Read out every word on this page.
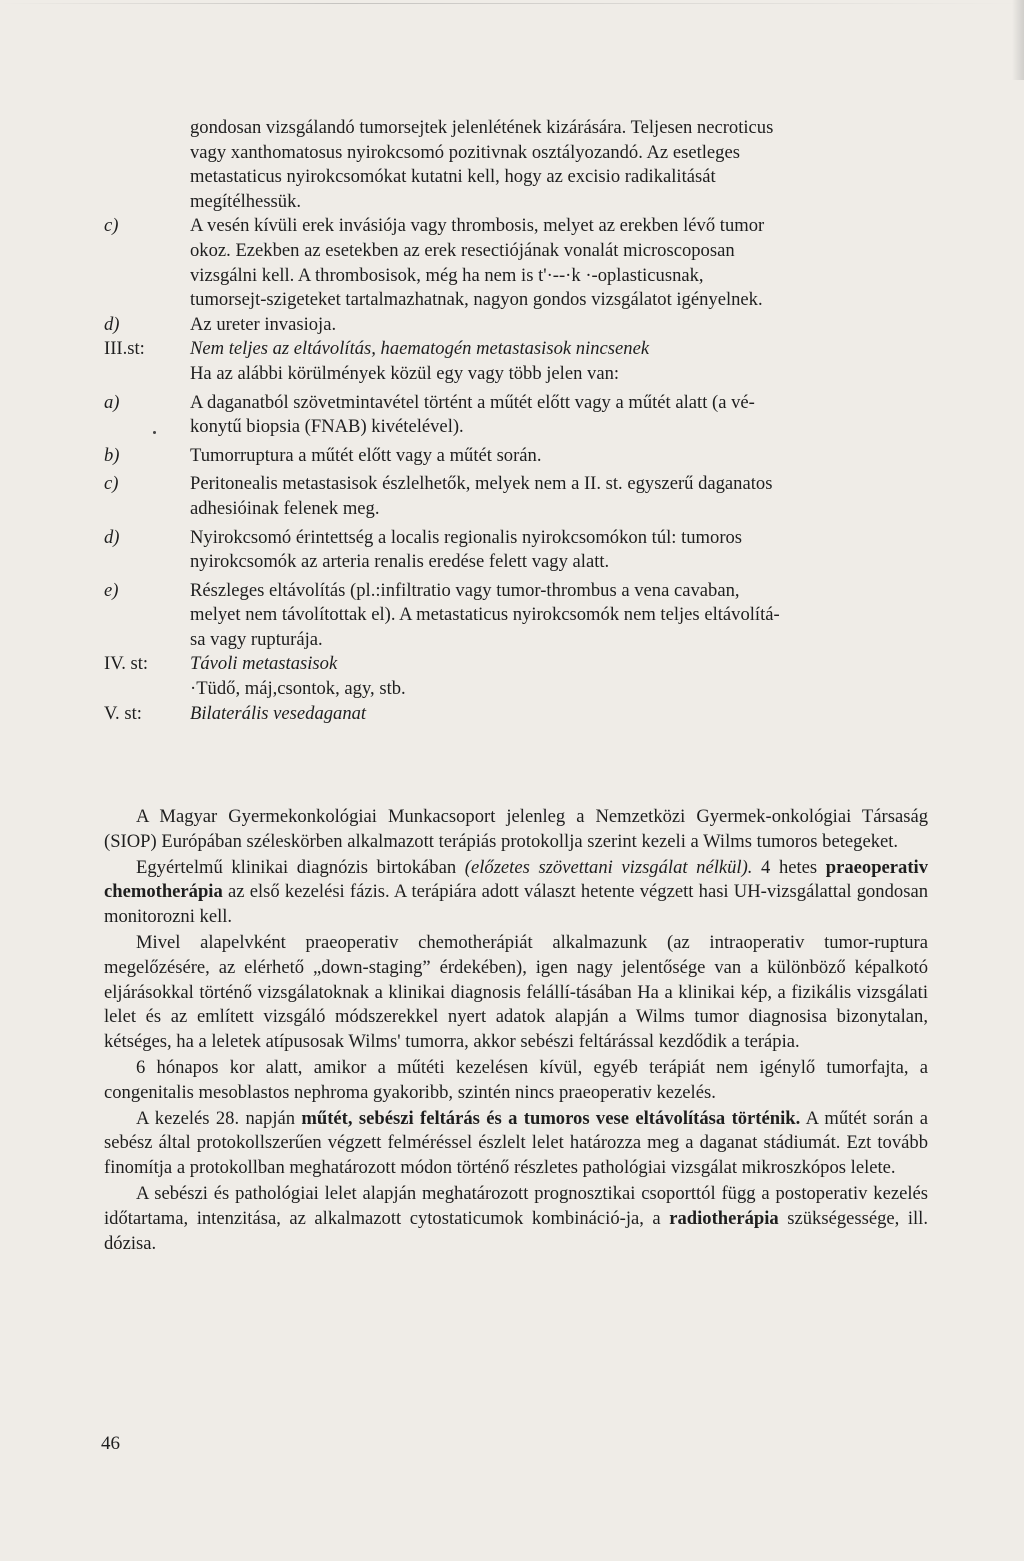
gondosan vizsgálandó tumorsejtek jelenlétének kizárására. Teljesen necroticus
vagy xanthomatosus nyirokcsomó pozitivnak osztályozandó. Az esetleges
metastaticus nyirokcsomókat kutatni kell, hogy az excisio radikalitását
megítélhessük.
c)	A vesén kívüli erek invásiója vagy thrombosis, melyet az erekben lévő tumor
okoz. Ezekben az esetekben az erek resectiójának vonalát microscoposan
vizsgálni kell. A thrombosisok, még ha nem is t'·--·k ·-oplasticusnak,
tumorsejt-szigeteket tartalmazhatnak, nagyon gondos vizsgálatot igényelnek.
d)	Az ureter invasioja.
III.st:	Nem teljes az eltávolítás, haematogén metastasisok nincsenek
Ha az alábbi körülmények közül egy vagy több jelen van:
a)	A daganatból szövetmintavétel történt a műtét előtt vagy a műtét alatt (a vé-
konytű biopsia (FNAB) kivételével).
b)	Tumorruptura a műtét előtt vagy a műtét során.
c)	Peritonealis metastasisok észlelhetők, melyek nem a II. st. egyszerű daganatos
adhesióinak felenek meg.
d)	Nyirokcsomó érintettség a localis regionalis nyirokcsomókon túl: tumoros
nyirokcsomók az arteria renalis eredése felett vagy alatt.
e)	Részleges eltávolítás (pl.:infiltratio vagy tumor-thrombus a vena cavaban,
melyet nem távolítottak el). A metastaticus nyirokcsomók nem teljes eltávolítá-
sa vagy rupturája.
IV. st:	Távoli metastasisok
·Tüdő, máj,csontok, agy, stb.
V. st:	Bilaterális vesedaganat

A Magyar Gyermekonkológiai Munkacsoport jelenleg a Nemzetközi Gyermek-onkológiai Társaság (SIOP) Európában széleskörben alkalmazott terápiás protokollja szerint kezeli a Wilms tumoros betegeket.

Egyértelmű klinikai diagnózis birtokában (előzetes szövettani vizsgálat nélkül). 4 hetes praeoperativ chemotherápia az első kezelési fázis. A terápiára adott választ hetente végzett hasi UH-vizsgálattal gondosan monitorozni kell.

Mivel alapelvként praeoperativ chemotherápiát alkalmazunk (az intraoperativ tumor-ruptura megelőzésére, az elérhető „down-staging” érdekében), igen nagy jelentősége van a különböző képalkotó eljárásokkal történő vizsgálatoknak a klinikai diagnosis felállí-tásában Ha a klinikai kép, a fizikális vizsgálati lelet és az említett vizsgáló módszerekkel nyert adatok alapján a Wilms tumor diagnosisa bizonytalan, kétséges, ha a leletek atípusosak Wilms' tumorra, akkor sebészi feltárással kezdődik a terápia.

6 hónapos kor alatt, amikor a műtéti kezelésen kívül, egyéb terápiát nem igénylő tumorfajta, a congenitalis mesoblastos nephroma gyakoribb, szintén nincs praeoperativ kezelés.

A kezelés 28. napján műtét, sebészi feltárás és a tumoros vese eltávolítása történik. A műtét során a sebész által protokollszerűen végzett felméréssel észlelt lelet határozza meg a daganat stádiumát. Ezt tovább finomítja a protokollban meghatározott módon történő részletes pathológiai vizsgálat mikroszkópos lelete.

A sebészi és pathológiai lelet alapján meghatározott prognosztikai csoporttól függ a postoperativ kezelés időtartama, intenzitása, az alkalmazott cytostaticumok kombináció-ja, a radiotherápia szükségessége, ill. dózisa.

46
